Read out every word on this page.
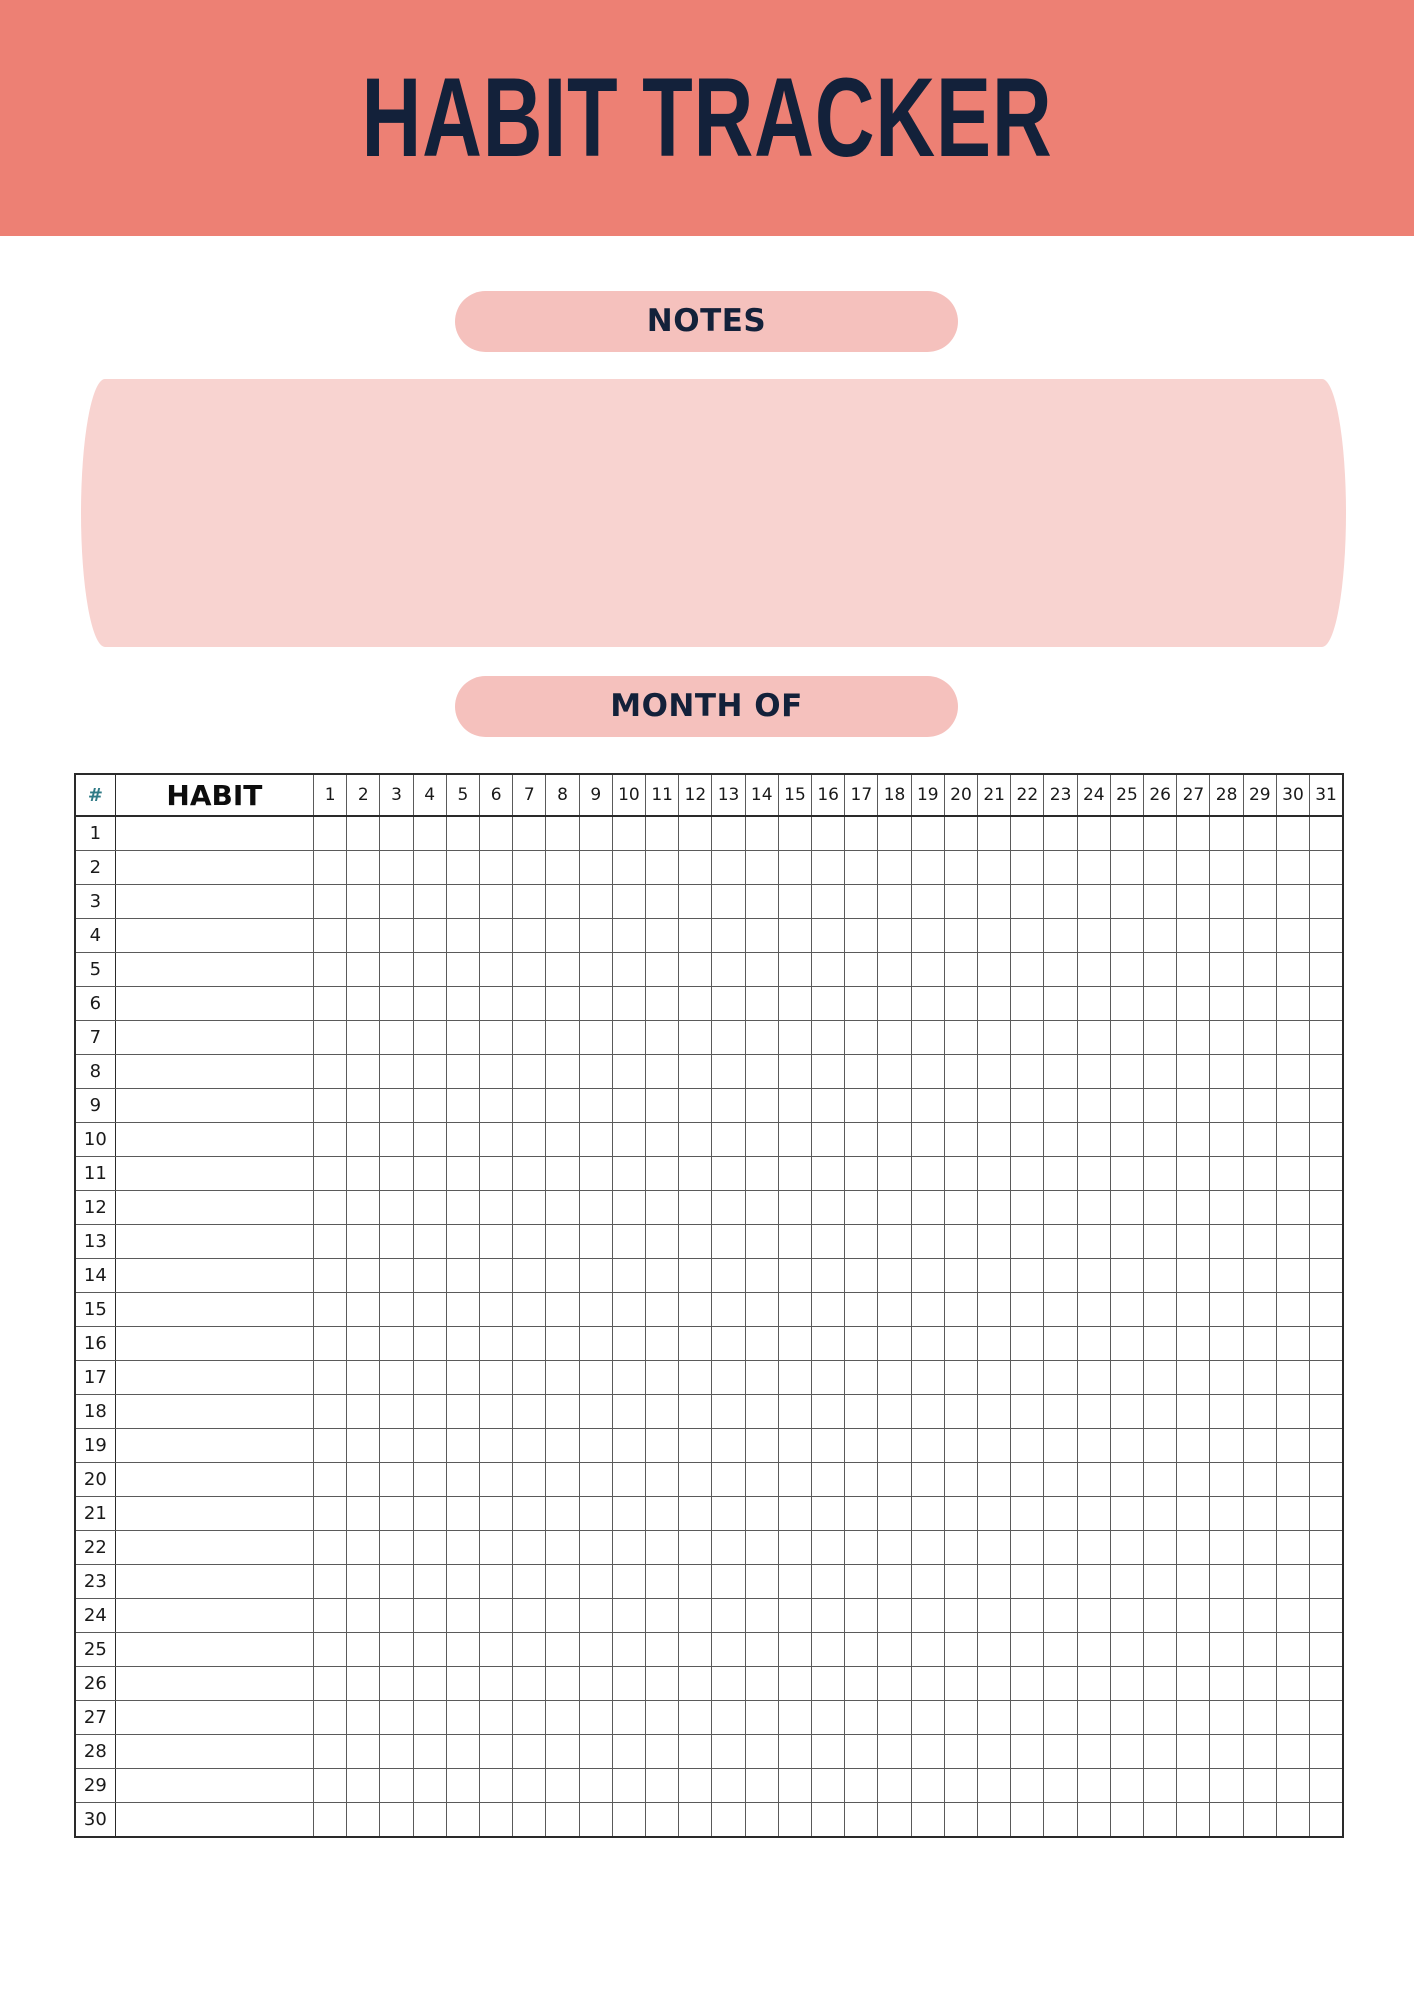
HABIT TRACKER
NOTES
MONTH OF
#	HABIT	1	2	3	4	5	6	7	8	9	10	11	12	13	14	15	16	17	18	19	20	21	22	23	24	25	26	27	28	29	30	31
1																																
2																																
3																																
4																																
5																																
6																																
7																																
8																																
9																																
10																																
11																																
12																																
13																																
14																																
15																																
16																																
17																																
18																																
19																																
20																																
21																																
22																																
23																																
24																																
25																																
26																																
27																																
28																																
29																																
30																																
